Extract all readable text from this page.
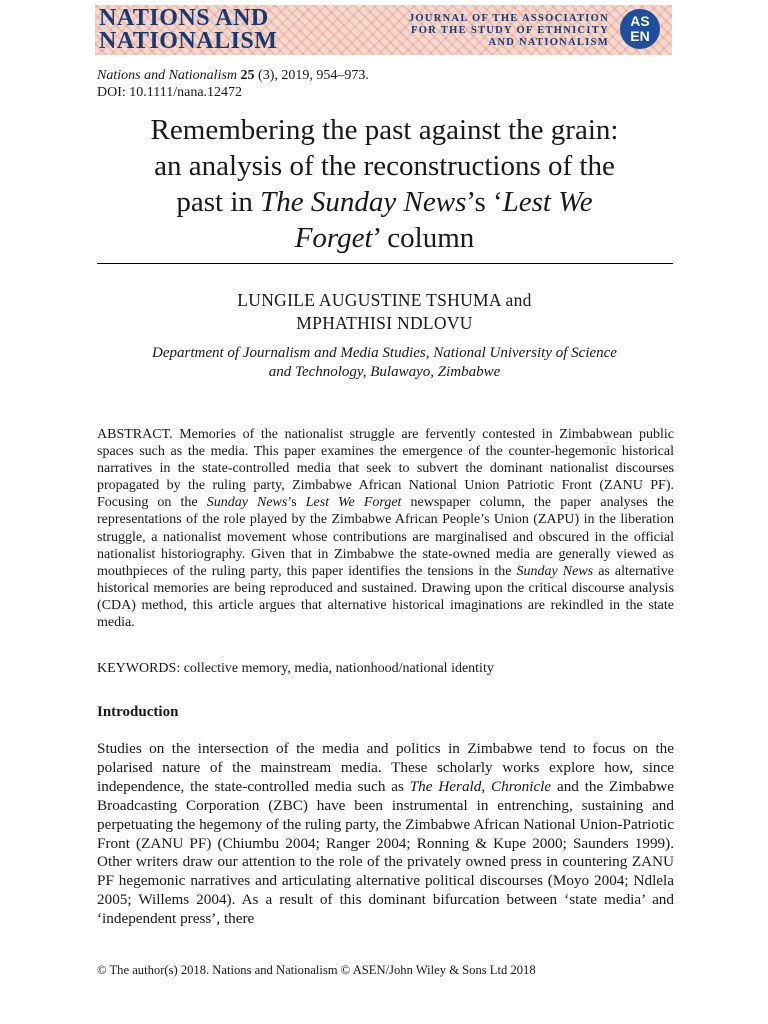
NATIONS AND
NATIONALISM
JOURNAL OF THE ASSOCIATION
FOR THE STUDY OF ETHNICITY
AND NATIONALISM
AS
EN
Nations and Nationalism 25 (3), 2019, 954–973.
DOI: 10.1111/nana.12472
Remembering the past against the grain:
an analysis of the reconstructions of the
past in The Sunday News’s ‘Lest We
Forget’ column
LUNGILE AUGUSTINE TSHUMA and
MPHATHISI NDLOVU
Department of Journalism and Media Studies, National University of Science
and Technology, Bulawayo, Zimbabwe
ABSTRACT. Memories of the nationalist struggle are fervently contested in Zimbabwean public spaces such as the media. This paper examines the emergence of the counter-hegemonic historical narratives in the state-controlled media that seek to subvert the dominant nationalist discourses propagated by the ruling party, Zimbabwe African National Union Patriotic Front (ZANU PF). Focusing on the Sunday News’s Lest We Forget newspaper column, the paper analyses the representations of the role played by the Zimbabwe African People’s Union (ZAPU) in the liberation struggle, a nationalist movement whose contributions are marginalised and obscured in the official nationalist historiography. Given that in Zimbabwe the state-owned media are generally viewed as mouthpieces of the ruling party, this paper identifies the tensions in the Sunday News as alternative historical memories are being reproduced and sustained. Drawing upon the critical discourse analysis (CDA) method, this article argues that alternative historical imaginations are rekindled in the state media.
KEYWORDS: collective memory, media, nationhood/national identity
Introduction
Studies on the intersection of the media and politics in Zimbabwe tend to focus on the polarised nature of the mainstream media. These scholarly works explore how, since independence, the state-controlled media such as The Herald, Chronicle and the Zimbabwe Broadcasting Corporation (ZBC) have been instrumental in entrenching, sustaining and perpetuating the hegemony of the ruling party, the Zimbabwe African National Union-Patriotic Front (ZANU PF) (Chiumbu 2004; Ranger 2004; Ronning & Kupe 2000; Saunders 1999). Other writers draw our attention to the role of the privately owned press in countering ZANU PF hegemonic narratives and articulating alternative political discourses (Moyo 2004; Ndlela 2005; Willems 2004). As a result of this dominant bifurcation between ‘state media’ and ‘independent press’, there
© The author(s) 2018. Nations and Nationalism © ASEN/John Wiley & Sons Ltd 2018
